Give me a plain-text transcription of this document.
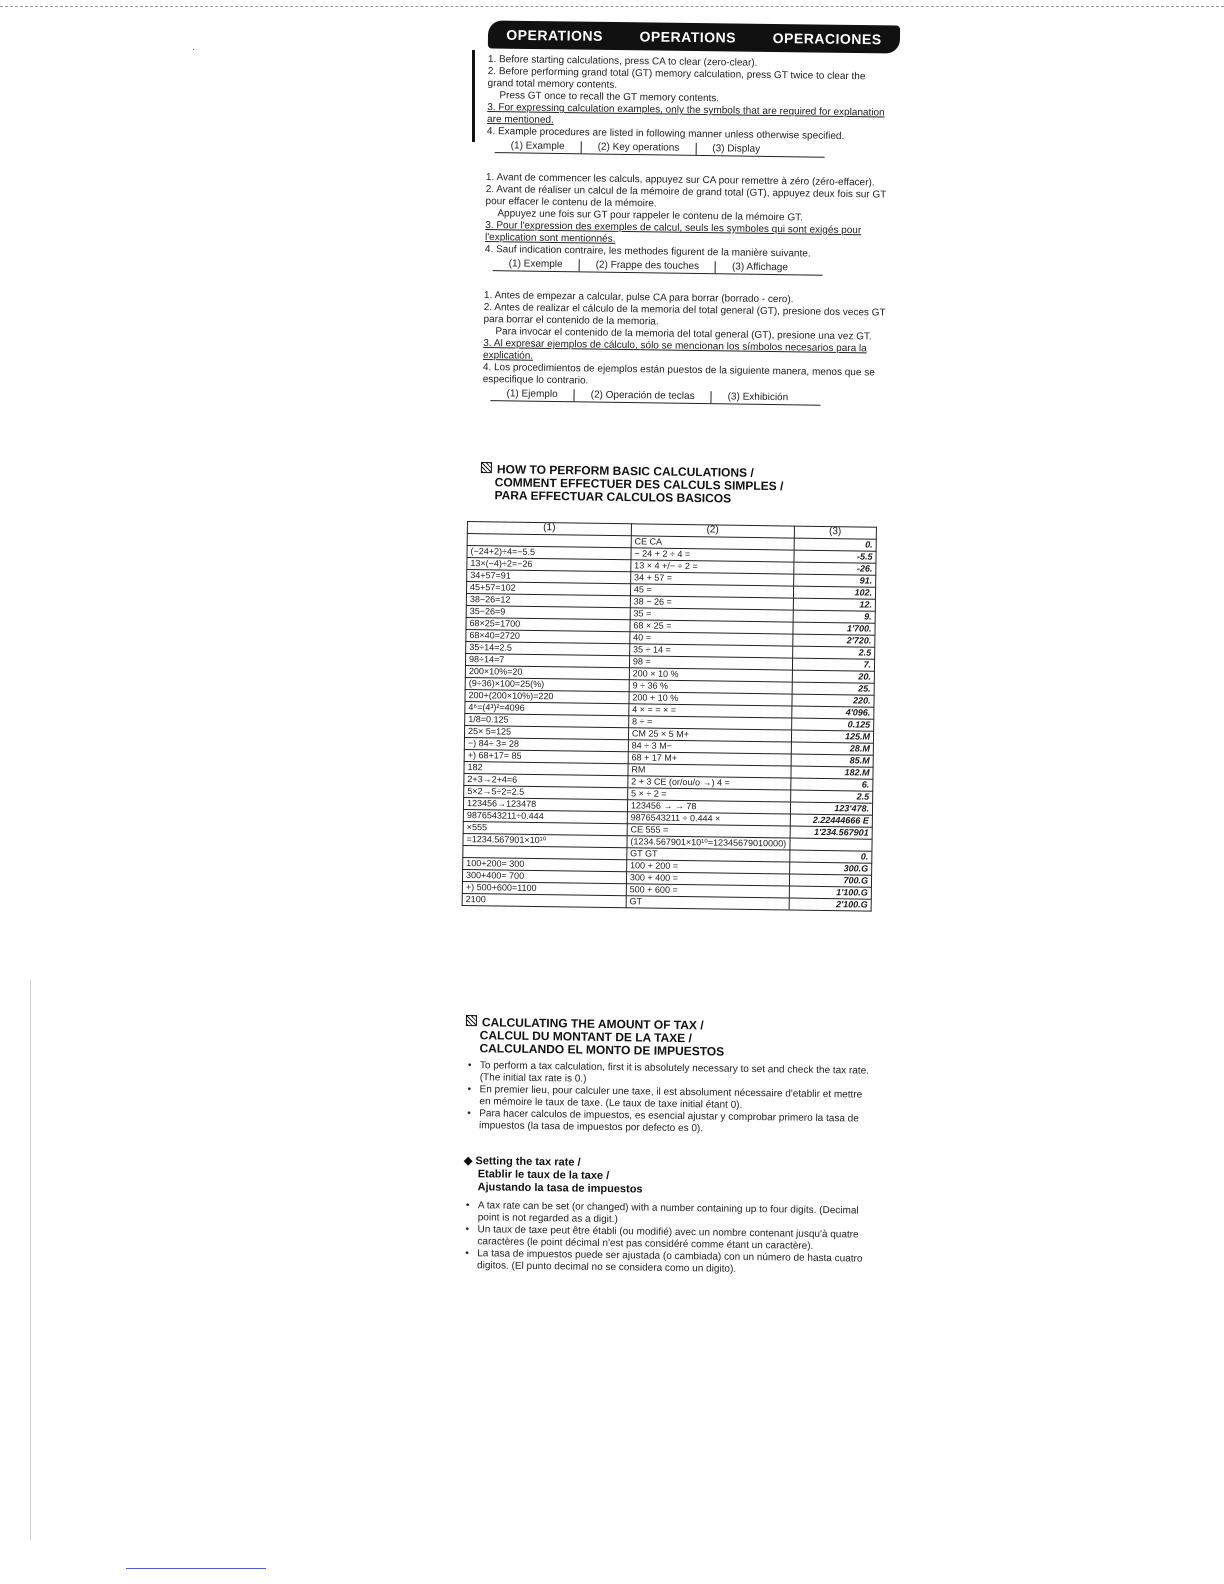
·
OPERATIONS	OPERATIONS	OPERACIONES
1. Before starting calculations, press CA to clear (zero-clear).
2. Before performing grand total (GT) memory calculation, press GT twice to clear the grand total memory contents.
Press GT once to recall the GT memory contents.
3. For expressing calculation examples, only the symbols that are required for explanation are mentioned.
4. Example procedures are listed in following manner unless otherwise specified.
(1) Example	(2) Key operations	(3) Display
1. Avant de commencer les calculs, appuyez sur CA pour remettre à zéro (zéro-effacer).
2. Avant de réaliser un calcul de la mémoire de grand total (GT), appuyez deux fois sur GT pour effacer le contenu de la mémoire.
Appuyez une fois sur GT pour rappeler le contenu de la mémoire GT.
3. Pour l'expression des exemples de calcul, seuls les symboles qui sont exigés pour l'explication sont mentionnés.
4. Sauf indication contraire, les methodes figurent de la manière suivante.
(1) Exemple	(2) Frappe des touches	(3) Affichage
1. Antes de empezar a calcular, pulse CA para borrar (borrado - cero).
2. Antes de realizar el cálculo de la memoria del total general (GT), presione dos veces GT para borrar el contenido de la memoria.
Para invocar el contenido de la memoria del total general (GT), presione una vez GT.
3. Al expresar ejemplos de cálculo, sólo se mencionan los símbolos necesarios para la explicatión.
4. Los procedimientos de ejemplos están puestos de la siguiente manera, menos que se especifique lo contrario.
(1) Ejemplo	(2) Operación de teclas	(3) Exhibición
HOW TO PERFORM BASIC CALCULATIONS /
COMMENT EFFECTUER DES CALCULS SIMPLES /
PARA EFFECTUAR CALCULOS BASICOS
(1)	(2)	(3)
	CE CA	0.
(−24+2)÷4=−5.5	− 24 + 2 ÷ 4 =	-5.5
13×(−4)÷2=−26	13 × 4 +/− ÷ 2 =	-26.
34+57=91	34 + 57 =	91.
45+57=102	45 =	102.
38−26=12	38 − 26 =	12.
35−26=9	35 =	9.
68×25=1700	68 × 25 =	1'700.
68×40=2720	40 =	2'720.
35÷14=2.5	35 ÷ 14 =	2.5
98÷14=7	98 =	7.
200×10%=20	200 × 10 %	20.
(9÷36)×100=25(%)	9 ÷ 36 %	25.
200+(200×10%)=220	200 + 10 %	220.
4⁶=(4³)²=4096	4 × = = × =	4'096.
1/8=0.125	8 ÷ =	0.125
25× 5=125	CM 25 × 5 M+	125.M
−) 84÷ 3= 28	84 ÷ 3 M−	28.M
+) 68+17= 85	68 + 17 M+	85.M
182	RM	182.M
2+3→2+4=6	2 + 3 CE (or/ou/o →) 4 =	6.
5×2→5÷2=2.5	5 × ÷ 2 =	2.5
123456→123478	123456 → → 78	123'478.
9876543211÷0.444	9876543211 ÷ 0.444 ×	2.22444666 E
×555	CE 555 =	1'234.567901
=1234.567901×10¹⁰	(1234.567901×10¹⁰=12345679010000)	
	GT GT	0.
100+200= 300	100 + 200 =	300.G
300+400= 700	300 + 400 =	700.G
+) 500+600=1100	500 + 600 =	1'100.G
2100	GT	2'100.G
CALCULATING THE AMOUNT OF TAX /
CALCUL DU MONTANT DE LA TAXE /
CALCULANDO EL MONTO DE IMPUESTOS
• To perform a tax calculation, first it is absolutely necessary to set and check the tax rate. (The initial tax rate is 0.)
• En premier lieu, pour calculer une taxe, il est absolument nécessaire d'etablir et mettre en mémoire le taux de taxe. (Le taux de taxe initial étant 0).
• Para hacer calculos de impuestos, es esencial ajustar y comprobar primero la tasa de impuestos (la tasa de impuestos por defecto es 0).
◆ Setting the tax rate /
Etablir le taux de la taxe /
Ajustando la tasa de impuestos
• A tax rate can be set (or changed) with a number containing up to four digits. (Decimal point is not regarded as a digit.)
• Un taux de taxe peut être établi (ou modifié) avec un nombre contenant jusqu'à quatre caractères (le point décimal n'est pas considéré comme étant un caractère).
• La tasa de impuestos puede ser ajustada (o cambiada) con un número de hasta cuatro digitos. (El punto decimal no se considera como un digito).
